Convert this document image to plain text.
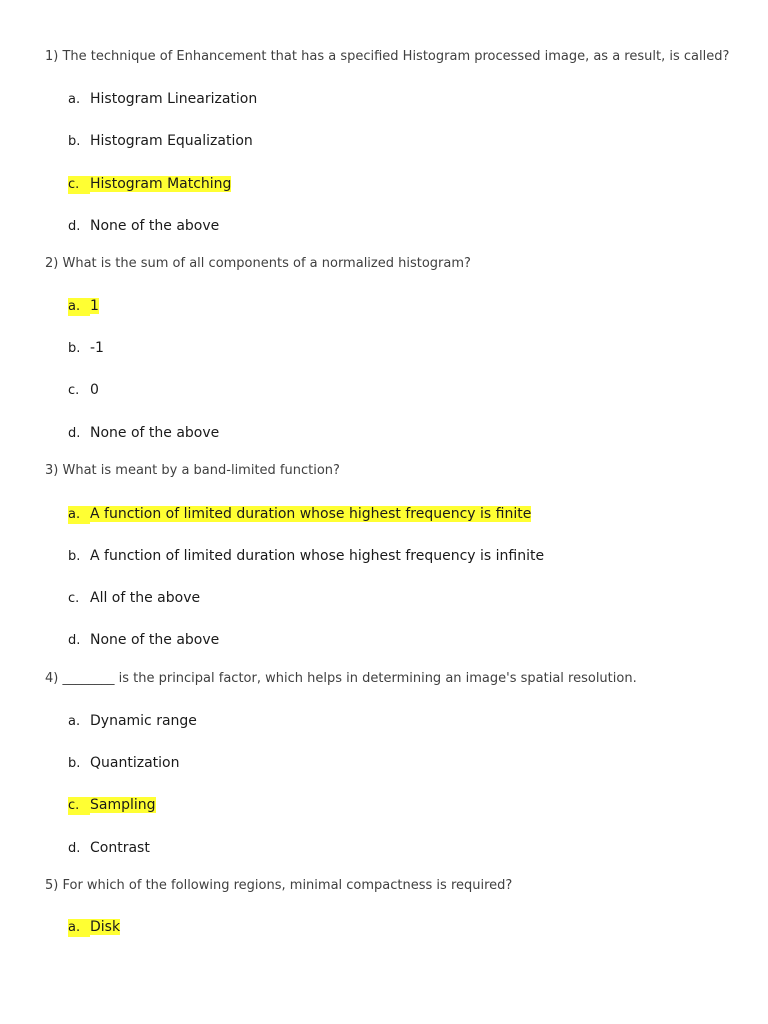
1) The technique of Enhancement that has a specified Histogram processed image, as a result, is called?
a. Histogram Linearization
b. Histogram Equalization
c. Histogram Matching
d. None of the above
2) What is the sum of all components of a normalized histogram?
a. 1
b. -1
c. 0
d. None of the above
3) What is meant by a band-limited function?
a. A function of limited duration whose highest frequency is finite
b. A function of limited duration whose highest frequency is infinite
c. All of the above
d. None of the above
4) ________ is the principal factor, which helps in determining an image's spatial resolution.
a. Dynamic range
b. Quantization
c. Sampling
d. Contrast
5) For which of the following regions, minimal compactness is required?
a. Disk
